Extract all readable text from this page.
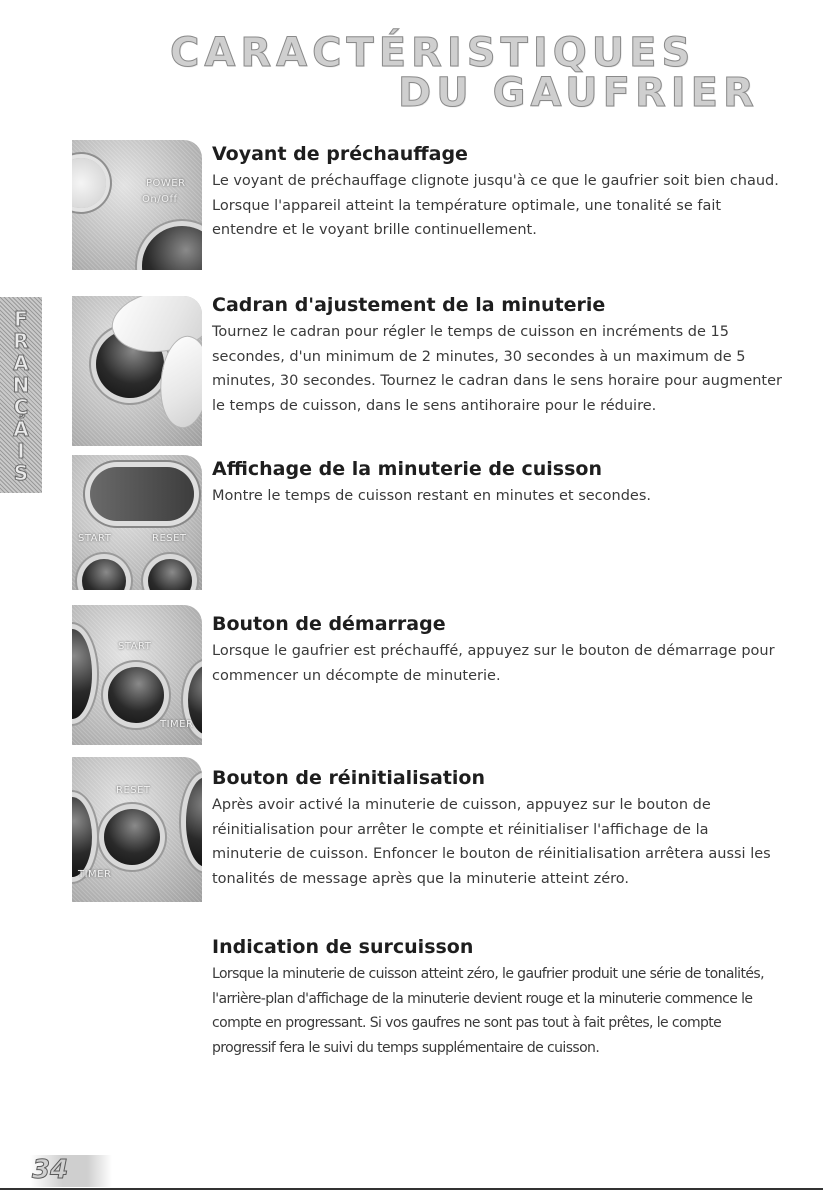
CARACTÉRISTIQUES
DU GAUFRIER
FRANÇAIS
POWER
On/Off
START	RESET
START
TIMER
RESET
TIMER
Voyant de préchauffage

Le voyant de préchauffage clignote jusqu'à ce que le gaufrier soit bien chaud. Lorsque l'appareil atteint la température optimale, une tonalité se fait entendre et le voyant brille continuellement.

Cadran d'ajustement de la minuterie

Tournez le cadran pour régler le temps de cuisson en incréments de 15 secondes, d'un minimum de 2 minutes, 30 secondes à un maximum de 5 minutes, 30 secondes. Tournez le cadran dans le sens horaire pour augmenter le temps de cuisson, dans le sens antihoraire pour le réduire.

Affichage de la minuterie de cuisson

Montre le temps de cuisson restant en minutes et secondes.

Bouton de démarrage

Lorsque le gaufrier est préchauffé, appuyez sur le bouton de démarrage pour commencer un décompte de minuterie.

Bouton de réinitialisation

Après avoir activé la minuterie de cuisson, appuyez sur le bouton de réinitialisation pour arrêter le compte et réinitialiser l'affichage de la minuterie de cuisson. Enfoncer le bouton de réinitialisation arrêtera aussi les tonalités de message après que la minuterie atteint zéro.

Indication de surcuisson

Lorsque la minuterie de cuisson atteint zéro, le gaufrier produit une série de tonalités, l'arrière-plan d'affichage de la minuterie devient rouge et la minuterie commence le compte en progressant. Si vos gaufres ne sont pas tout à fait prêtes, le compte progressif fera le suivi du temps supplémentaire de cuisson.

34
